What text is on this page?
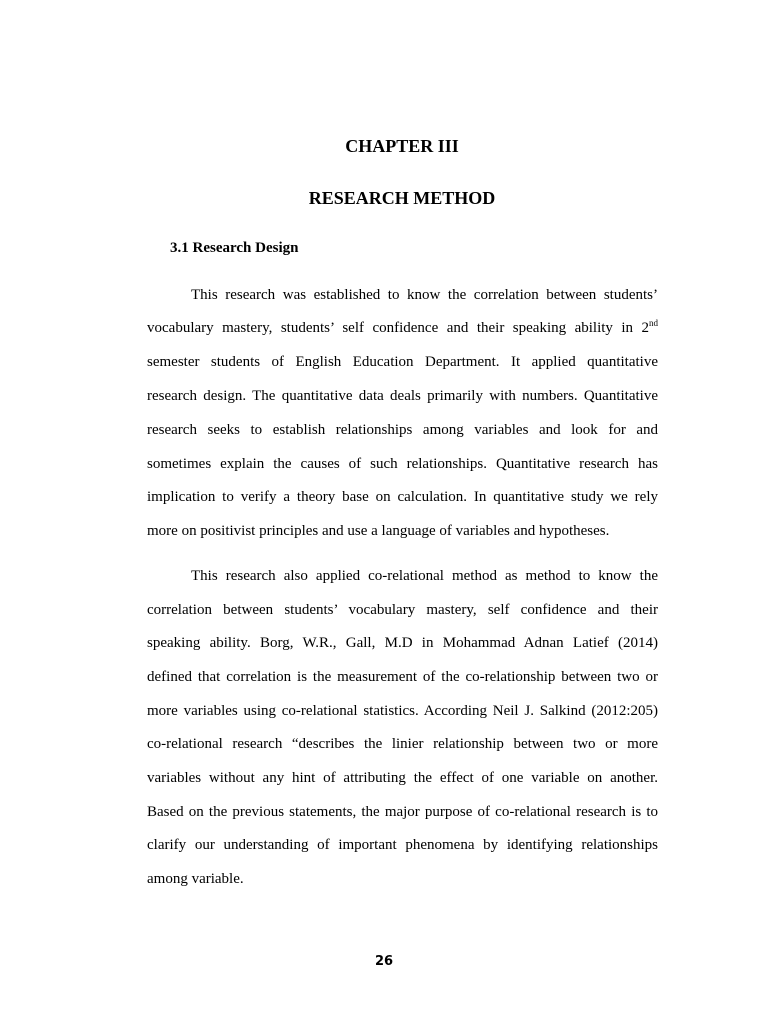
CHAPTER III
RESEARCH METHOD
3.1 Research Design

This research was established to know the correlation between students’

vocabulary mastery, students’ self confidence and their speaking ability in 2nd

semester students of English Education Department. It applied quantitative

research design. The quantitative data deals primarily with numbers. Quantitative

research seeks to establish relationships among variables and look for and

sometimes explain the causes of such relationships. Quantitative research has

implication to verify a theory base on calculation. In quantitative study we rely

more on positivist principles and use a language of variables and hypotheses.

This research also applied co-relational method as method to know the

correlation between students’ vocabulary mastery, self confidence and their

speaking ability. Borg, W.R., Gall, M.D in Mohammad Adnan Latief (2014)

defined that correlation is the measurement of the co-relationship between two or

more variables using co-relational statistics. According Neil J. Salkind (2012:205)

co-relational research “describes the linier relationship between two or more

variables without any hint of attributing the effect of one variable on another.

Based on the previous statements, the major purpose of co-relational research is to

clarify our understanding of important phenomena by identifying relationships

among variable.

26
